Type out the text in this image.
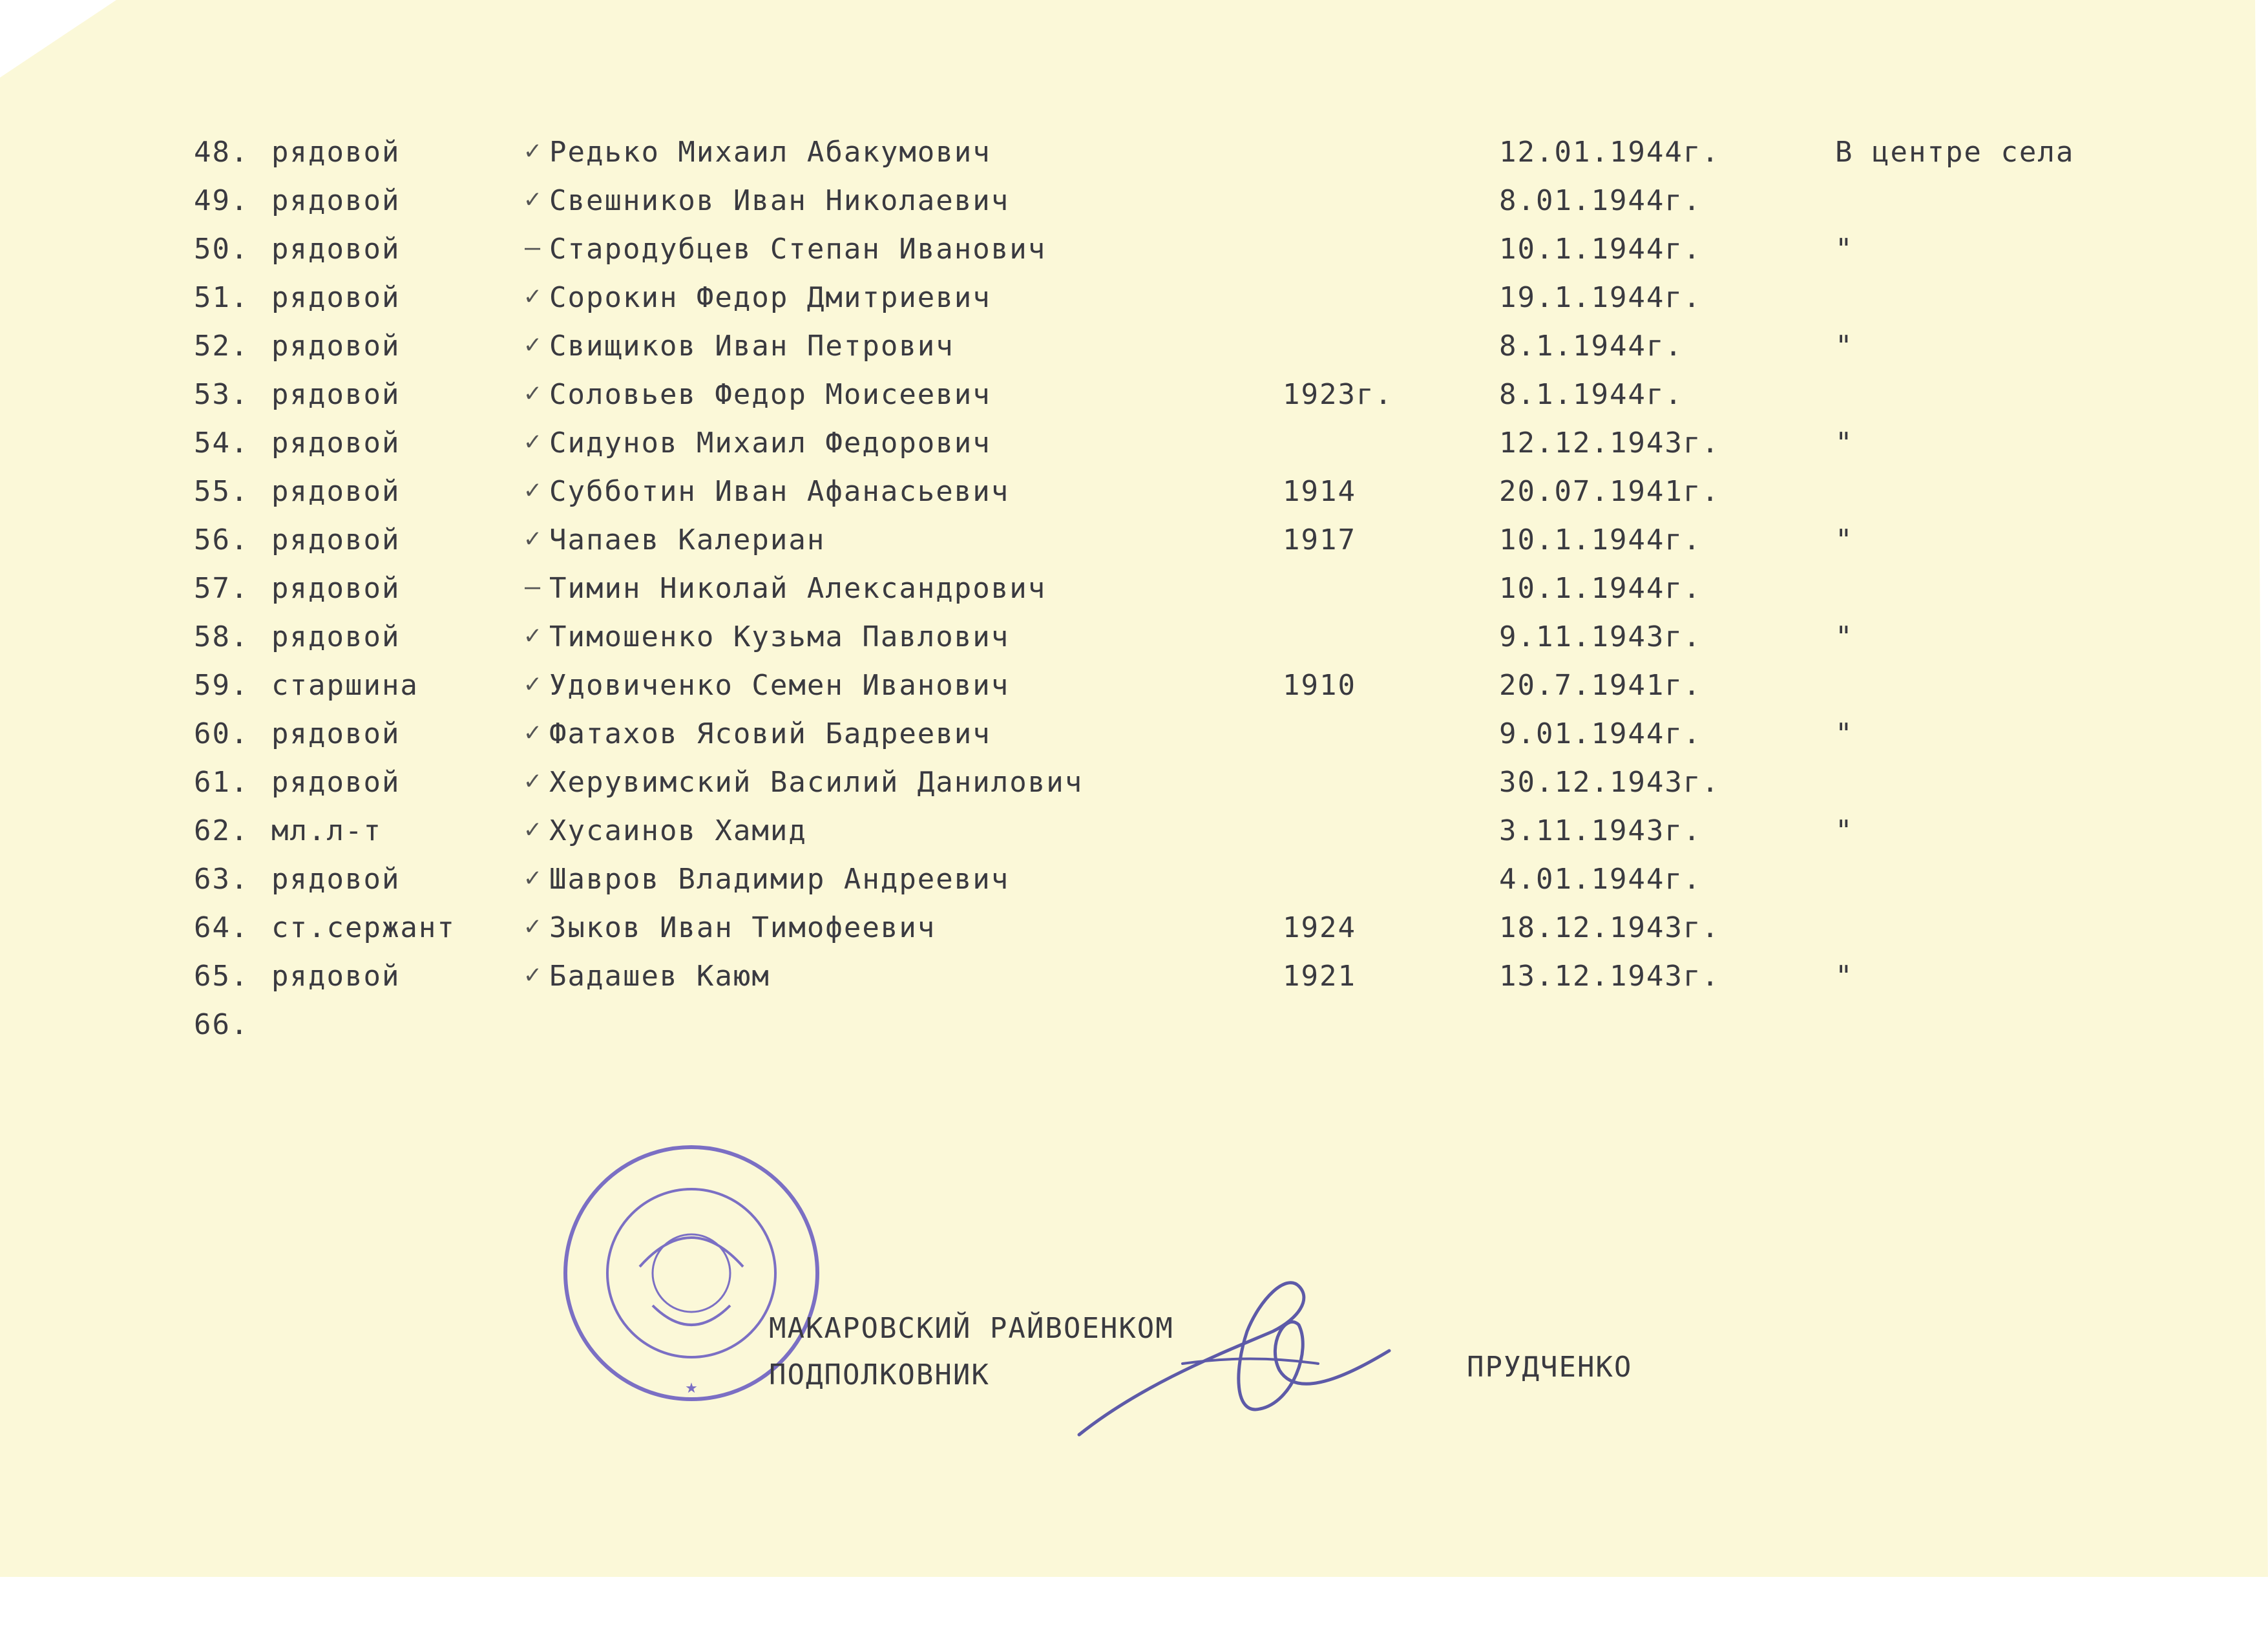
48. рядовой	✓ Редько Михаил Абакумович	12.01.1944г.	В центре села
49. рядовой	✓ Свешников Иван Николаевич	8.01.1944г.
50. рядовой	— Стародубцев Степан Иванович	10.1.1944г.	"
51. рядовой	✓ Сорокин Федор Дмитриевич	19.1.1944г.
52. рядовой	✓ Свищиков Иван Петрович	8.1.1944г.	"
53. рядовой	✓ Соловьев Федор Моисеевич	1923г.	8.1.1944г.
54. рядовой	✓ Сидунов Михаил Федорович	12.12.1943г.	"
55. рядовой	✓ Субботин Иван Афанасьевич	1914	20.07.1941г.
56. рядовой	✓ Чапаев Калериан	1917	10.1.1944г.	"
57. рядовой	— Тимин Николай Александрович	10.1.1944г.
58. рядовой	✓ Тимошенко Кузьма Павлович	9.11.1943г.	"
59. старшина	✓ Удовиченко Семен Иванович	1910	20.7.1941г.
60. рядовой	✓ Фатахов Ясовий Бадреевич	9.01.1944г.	"
61. рядовой	✓ Херувимский Василий Данилович	30.12.1943г.
62. мл.л-т	✓ Хусаинов Хамид	3.11.1943г.	"
63. рядовой	✓ Шавров Владимир Андреевич	4.01.1944г.
64. ст.сержант	✓ Зыков Иван Тимофеевич	1924	18.12.1943г.
65. рядовой	✓ Бадашев Каюм	1921	13.12.1943г.	"
66.
★
МАКАРОВСКИЙ РАЙВОЕНКОМ
ПОДПОЛКОВНИК	ПРУДЧЕНКО
